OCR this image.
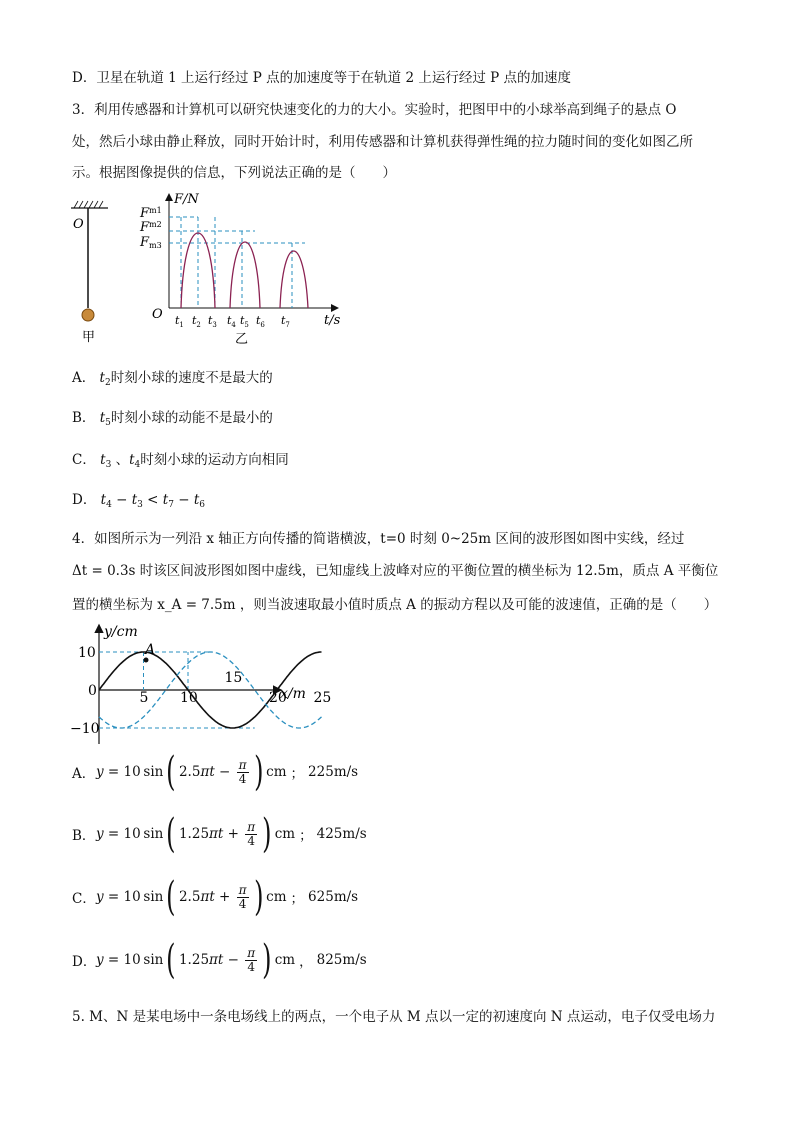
D．卫星在轨道 1 上运行经过 P 点的加速度等于在轨道 2 上运行经过 P 点的加速度
3．利用传感器和计算机可以研究快速变化的力的大小。实验时，把图甲中的小球举高到绳子的悬点 O
处，然后小球由静止释放，同时开始计时，利用传感器和计算机获得弹性绳的拉力随时间的变化如图乙所
示。根据图像提供的信息，下列说法正确的是（　　）
O
甲
F/N
t/s
O
$F^{m1}$
$F^{m2}$
Fm3
$t_1$ $t_2$ $t_3$ $t_4$ $t_5$ $t_6$ $t_7$
乙
A． $t_2$时刻小球的速度不是最大的
B． $t_5$时刻小球的动能不是最小的
C． $t_3$ 、$t_4$时刻小球的运动方向相同
D． $t_4 - t_3 < t_7 - t_6$
4．如图所示为一列沿 x 轴正方向传播的简谐横波，t=0 时刻 0~25m 区间的波形图如图中实线，经过
Δt = 0.3s 时该区间波形图如图中虚线，已知虚线上波峰对应的平衡位置的横坐标为 12.5m，质点 A 平衡位
置的横坐标为 x_A = 7.5m ，则当波速取最小值时质点 A 的振动方程以及可能的波速值，正确的是（　　）
y/cm
x/m
5 10
15
20 25
10
0
−10
A
A． y = 10 sin ( $2.5\pi t - \frac{\pi}{4}$ ) cm ； 225m/s
B． y = 10 sin ( $1.25\pi t + \frac{\pi}{4}$ ) cm ； 425m/s
C． y = 10 sin ( $2.5\pi t + \frac{\pi}{4}$ ) cm ； 625m/s
D． y = 10 sin ( $1.25\pi t - \frac{\pi}{4}$ ) cm ， 825m/s
5. M、N 是某电场中一条电场线上的两点，一个电子从 M 点以一定的初速度向 N 点运动，电子仅受电场力
